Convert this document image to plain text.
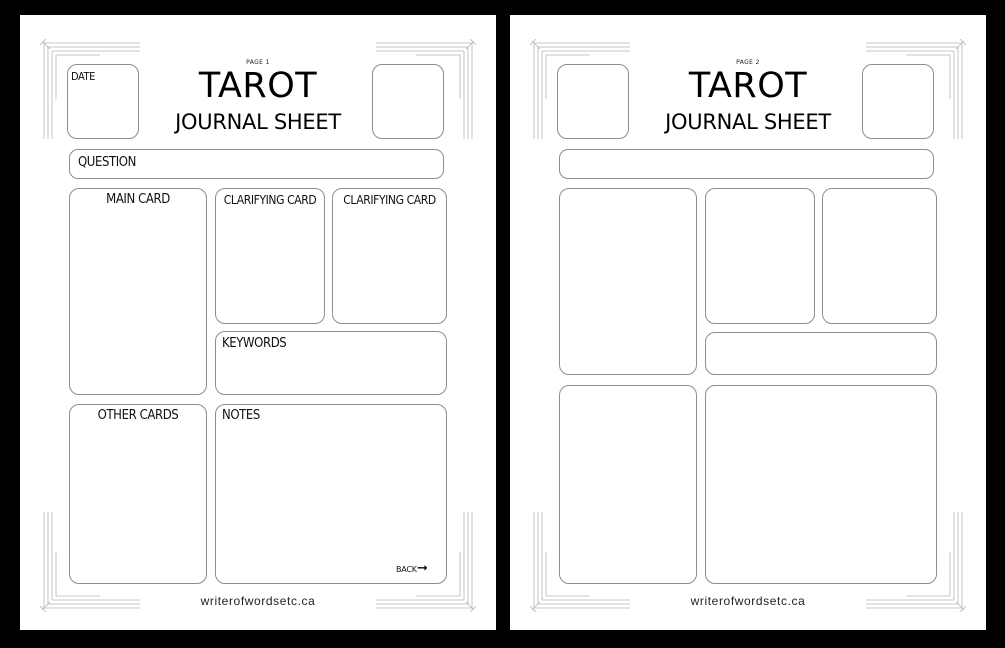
PAGE 1
TAROT
JOURNAL SHEET
DATE
QUESTION
MAIN CARD	CLARIFYING CARD	CLARIFYING CARD
KEYWORDS
OTHER CARDS	NOTES
BACK ➞
writerofwordsetc.ca
PAGE 2
TAROT
JOURNAL SHEET
writerofwordsetc.ca
